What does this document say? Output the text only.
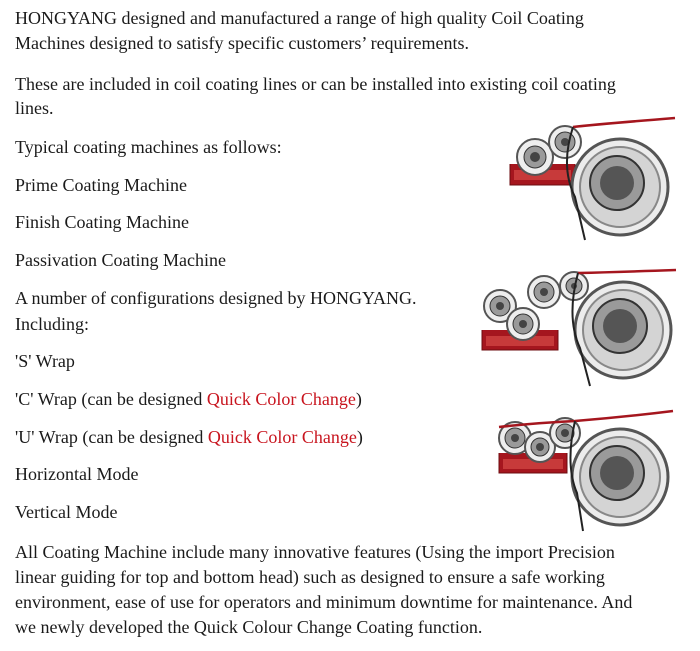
HONGYANG designed and manufactured a range of high quality Coil Coating

Machines designed to satisfy specific customers’ requirements.

These are included in coil coating lines or can be installed into existing coil coating

lines.

Typical coating machines as follows:

Prime Coating Machine

Finish Coating Machine

Passivation Coating Machine

A number of configurations designed by HONGYANG.

Including:

'S' Wrap

'C' Wrap (can be designed Quick Color Change)

'U' Wrap (can be designed Quick Color Change)

Horizontal Mode

Vertical Mode

All Coating Machine include many innovative features (Using the import Precision

linear guiding for top and bottom head) such as designed to ensure a safe working

environment, ease of use for operators and minimum downtime for maintenance. And

we newly developed the Quick Colour Change Coating function.
